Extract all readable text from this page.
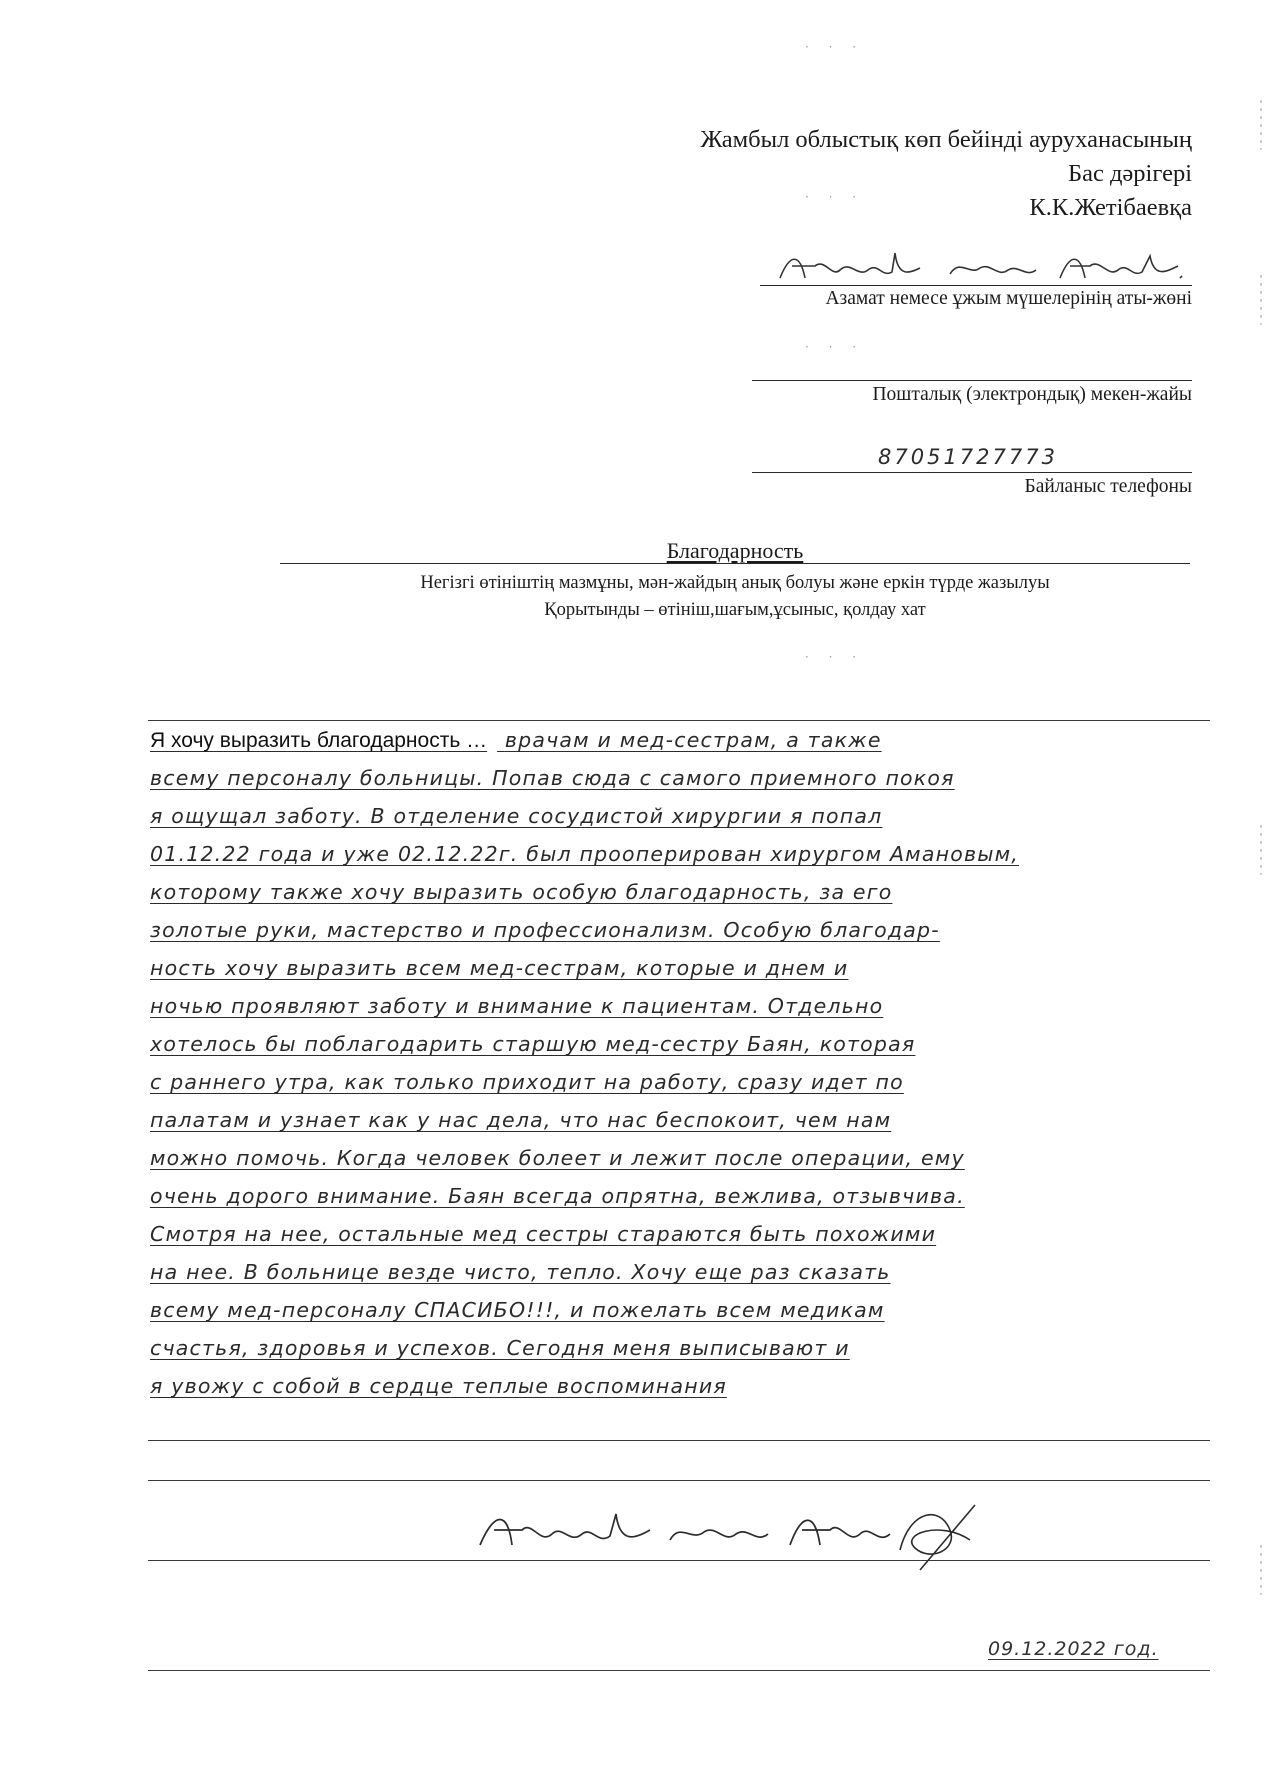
· · ·
· · ·
· · ·
· · ·
Жамбыл облыстық көп бейінді ауруханасының
Бас дәрігері
К.К.Жетібаевқа
Азамат немесе ұжым мүшелерінің аты-жөні
Пошталық (электрондық) мекен-жайы
87051727773
Байланыс телефоны
Благодарность
Негізгі өтініштің мазмұны, мән-жайдың анық болуы және еркін түрде жазылуы
Қорытынды – өтініш,шағым,ұсыныс, қолдау хат
Я хочу выразить благодарность … врачам и мед-сестрам, а также
всему персоналу больницы. Попав сюда с самого приемного покоя
я ощущал заботу. В отделение сосудистой хирургии я попал
01.12.22 года и уже 02.12.22г. был прооперирован хирургом Амановым,
которому также хочу выразить особую благодарность, за его
золотые руки, мастерство и профессионализм. Особую благодар-
ность хочу выразить всем мед-сестрам, которые и днем и
ночью проявляют заботу и внимание к пациентам. Отдельно
хотелось бы поблагодарить старшую мед-сестру Баян, которая
с раннего утра, как только приходит на работу, сразу идет по
палатам и узнает как у нас дела, что нас беспокоит, чем нам
можно помочь. Когда человек болеет и лежит после операции, ему
очень дорого внимание. Баян всегда опрятна, вежлива, отзывчива.
Смотря на нее, остальные мед сестры стараются быть похожими
на нее. В больнице везде чисто, тепло. Хочу еще раз сказать
всему мед-персоналу СПАСИБО!!!, и пожелать всем медикам
счастья, здоровья и успехов. Сегодня меня выписывают и
я увожу с собой в сердце теплые воспоминания
09.12.2022 год.
